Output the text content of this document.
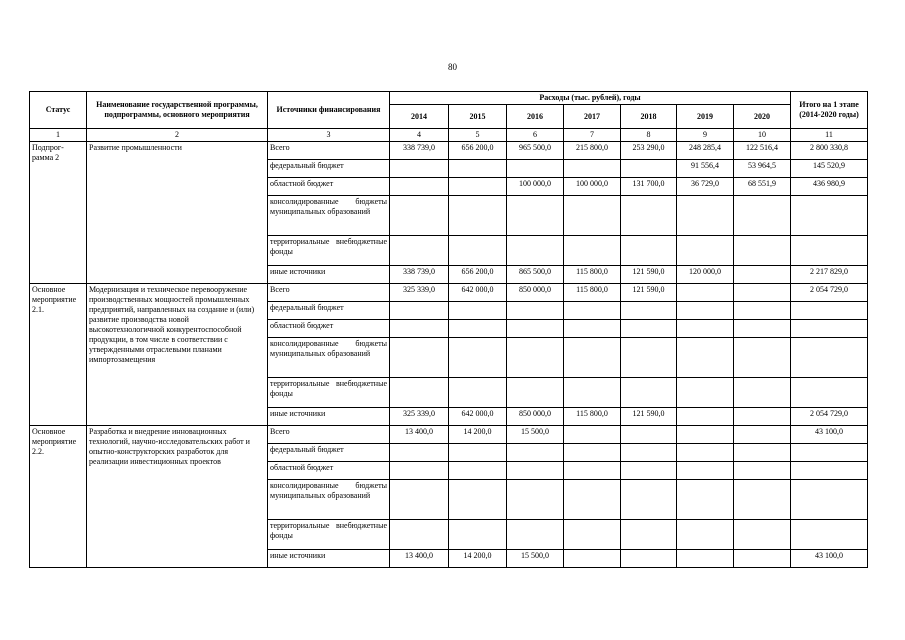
80
Статус	Наименование государственной программы, подпрограммы, основного мероприятия	Источники финансирования	Расходы (тыс. рублей), годы							Итого на 1 этапе (2014-2020 годы)
			2014	2015	2016	2017	2018	2019	2020	
1	2	3	4	5	6	7	8	9	10	11
Подпрог-
рамма 2	Развитие промышленности	Всего	338 739,0	656 200,0	965 500,0	215 800,0	253 290,0	248 285,4	122 516,4	2 800 330,8
		федеральный бюджет						91 556,4	53 964,5	145 520,9
		областной бюджет			100 000,0	100 000,0	131 700,0	36 729,0	68 551,9	436 980,9
		консолидированные бюджеты муниципальных образований								
		территориальные внебюджетные фонды								
		иные источники	338 739,0	656 200,0	865 500,0	115 800,0	121 590,0	120 000,0		2 217 829,0
Основное мероприятие 2.1.	Модернизация и техническое перевооружение производственных мощностей промышленных предприятий, направленных на создание и (или) развитие производства новой высокотехнологичной конкурентоспособной продукции, в том числе в соответствии с утвержденными отраслевыми планами импортозамещения	Всего	325 339,0	642 000,0	850 000,0	115 800,0	121 590,0			2 054 729,0
		федеральный бюджет								
		областной бюджет								
		консолидированные бюджеты муниципальных образований								
		территориальные внебюджетные фонды								
		иные источники	325 339,0	642 000,0	850 000,0	115 800,0	121 590,0			2 054 729,0
Основное мероприятие 2.2.	Разработка и внедрение инновационных технологий, научно-исследовательских работ и опытно-конструкторских разработок для реализации инвестиционных проектов	Всего	13 400,0	14 200,0	15 500,0					43 100,0
		федеральный бюджет								
		областной бюджет								
		консолидированные бюджеты муниципальных образований								
		территориальные внебюджетные фонды								
		иные источники	13 400,0	14 200,0	15 500,0					43 100,0
